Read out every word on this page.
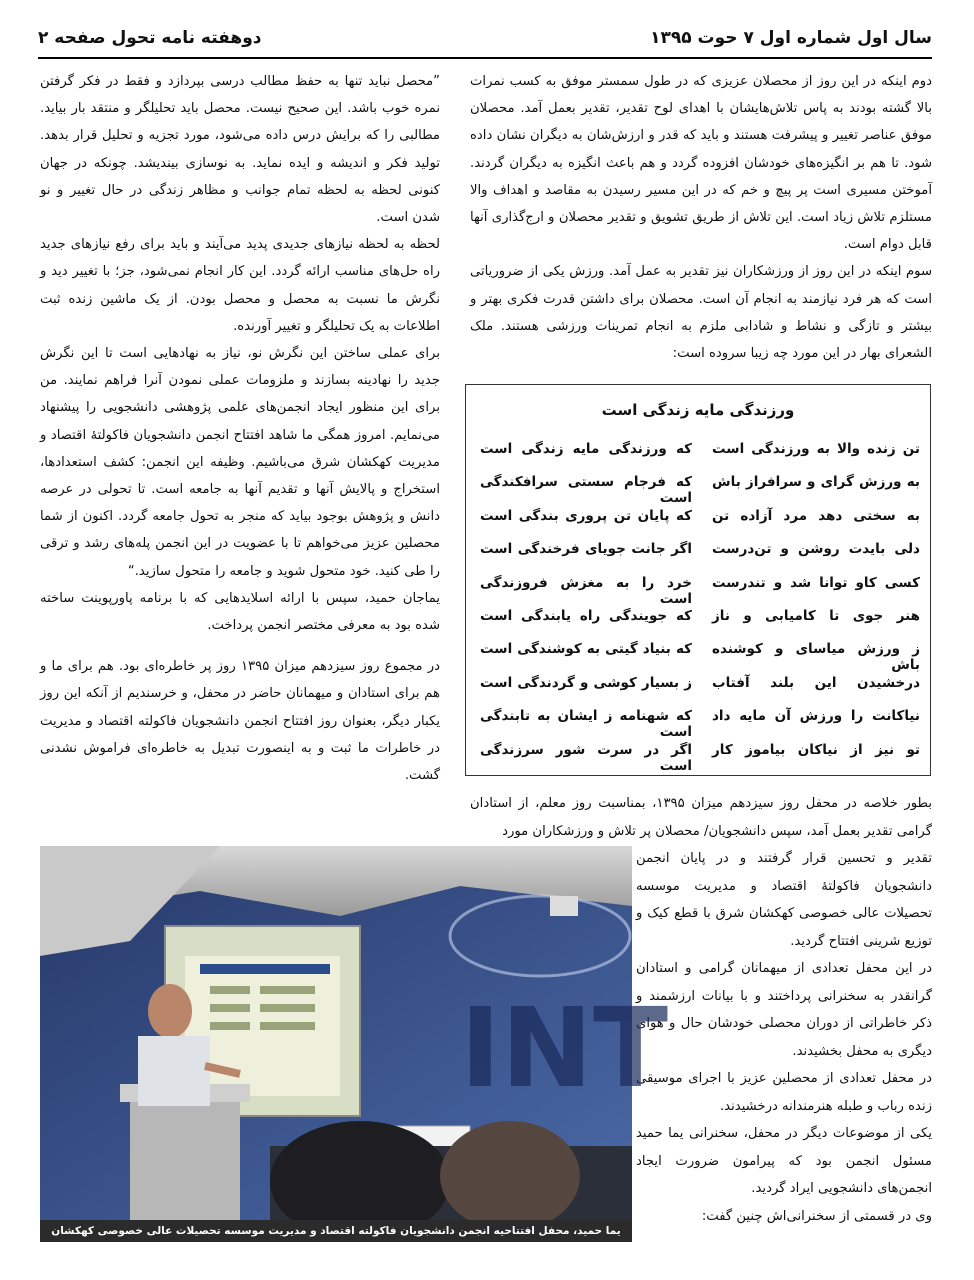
سال اول شماره اول ۷ حوت ۱۳۹۵
دوهفته نامه تحول صفحه ۲

دوم اینکه در این روز از محصلان عزیزی که در طول سمستر موفق به کسب نمرات بالا گشته بودند به پاس تلاش‌هایشان با اهدای لوح تقدیر، تقدیر بعمل آمد. محصلان موفق عناصر تغییر و پیشرفت هستند و باید که قدر و ارزش‌شان به دیگران نشان داده شود. تا هم بر انگیزه‌های خودشان افزوده گردد و هم باعث انگیزه به دیگران گردند. آموختن مسیری است پر پیچ و خم که در این مسیر رسیدن به مقاصد و اهداف والا مستلزم تلاش زیاد است. این تلاش از طریق تشویق و تقدیر محصلان و ارج‌گذاری آنها قابل دوام است.

سوم اینکه در این روز از ورزشکاران نیز تقدیر به عمل آمد. ورزش یکی از ضروریاتی است که هر فرد نیازمند به انجام آن است. محصلان برای داشتن قدرت فکری بهتر و بیشتر و تازگی و نشاط و شادابی ملزم به انجام تمرینات ورزشی هستند. ملک الشعرای بهار در این مورد چه زیبا سروده است:

ورزندگی مایه زندگی است
تن زنده والا به ورزندگی است
که ورزندگی مایه زندگی است
به ورزش گرای و سرافراز باش
که فرجام سستی سرافکندگی است
به سختی دهد مرد آزاده تن
که پایان تن پروری بندگی است
دلی بایدت روشن و تن‌درست
اگر جانت جویای فرخندگی است
کسی کاو توانا شد و تندرست
خرد را به مغزش فروزندگی است
هنر جوی تا کامیابی و ناز
که جویندگی راه یابندگی است
ز ورزش میاسای و کوشنده باش
که بنیاد گیتی به کوشندگی است
درخشیدن این بلند آفتاب
ز بسیار کوشی و گردندگی است
نیاکانت را ورزش آن مایه داد
که شهنامه ز ایشان به تابندگی است
تو نیز از نیاکان بیاموز کار
اگر در سرت شور سرزندگی است
بطور خلاصه در محفل روز سیزدهم میزان ۱۳۹۵، بمناسبت روز معلم، از استادان گرامی تقدیر بعمل آمد، سپس دانشجویان/ محصلان پر تلاش و ورزشکاران مورد

تقدیر و تحسین قرار گرفتند و در پایان انجمن دانشجویان فاکولتهٔ اقتصاد و مدیریت موسسه تحصیلات عالی خصوصی کهکشان شرق با قطع کیک و توزیع شرینی افتتاح گردید.

در این محفل تعدادی از میهمانان گرامی و استادان گرانقدر به سخنرانی پرداختند و با بیانات ارزشمند و ذکر خاطراتی از دوران محصلی خودشان حال و هوای دیگری به محفل بخشیدند.

در محفل تعدادی از محصلین عزیز با اجرای موسیقی زنده رباب و طبله هنرمندانه درخشیدند.

یکی از موضوعات دیگر در محفل، سخنرانی یما حمید مسئول انجمن بود که پیرامون ضرورت ایجاد انجمن‌های دانشجویی ایراد گردید.

وی در قسمتی از سخنرانی‌اش چنین گفت:

”محصل نباید تنها به حفظ مطالب درسی بپردازد و فقط در فکر گرفتن نمره خوب باشد. این صحیح نیست. محصل باید تحلیلگر و منتقد بار بیاید. مطالبی را که برایش درس داده می‌شود، مورد تجزیه و تحلیل قرار بدهد. تولید فکر و اندیشه و ایده نماید. به نوسازی بیندیشد. چونکه در جهان کنونی لحظه به لحظه تمام جوانب و مظاهر زندگی در حال تغییر و نو شدن است.

لحظه به لحظه نیازهای جدیدی پدید می‌آیند و باید برای رفع نیازهای جدید راه حل‌های مناسب ارائه گردد. این کار انجام نمی‌شود، جز؛ با تغییر دید و نگرش ما نسبت به محصل و محصل بودن. از یک ماشین زنده ثبت اطلاعات به یک تحلیلگر و تغییر آورنده.

برای عملی ساختن این نگرش نو، نیاز به نهادهایی است تا این نگرش جدید را نهادینه بسازند و ملزومات عملی نمودن آنرا فراهم نمایند. من برای این منظور ایجاد انجمن‌های علمی پژوهشی دانشجویی را پیشنهاد می‌نمایم. امروز همگی ما شاهد افتتاح انجمن دانشجویان فاکولتهٔ اقتصاد و مدیریت کهکشان شرق می‌باشیم. وظیفه این انجمن: کشف استعدادها، استخراج و پالایش آنها و تقدیم آنها به جامعه است. تا تحولی در عرصه دانش و پژوهش بوجود بیاید که منجر به تحول جامعه گردد. اکنون از شما محصلین عزیز می‌خواهم تا با عضویت در این انجمن پله‌های رشد و ترقی را طی کنید. خود متحول شوید و جامعه را متحول سازید.“

یماجان حمید، سپس با ارائه اسلایدهایی که با برنامه پاورپوینت ساخته شده بود به معرفی مختصر انجمن پرداخت.

در مجموع روز سیزدهم میزان ۱۳۹۵ روز پر خاطره‌ای بود. هم برای ما و هم برای استادان و میهمانان حاضر در محفل، و خرسندیم از آنکه این روز یکبار دیگر، بعنوان روز افتتاح انجمن دانشجویان فاکولته اقتصاد و مدیریت در خاطرات ما ثبت و به اینصورت تبدیل به خاطره‌ای فراموش نشدنی گشت.

INT
یما حمید، محفل افتتاحیه انجمن دانشجویان فاکولته اقتصاد و مدیریت موسسه تحصیلات عالی خصوصی کهکشان شرق، ۱۳ میزان ۱۳۹۵
